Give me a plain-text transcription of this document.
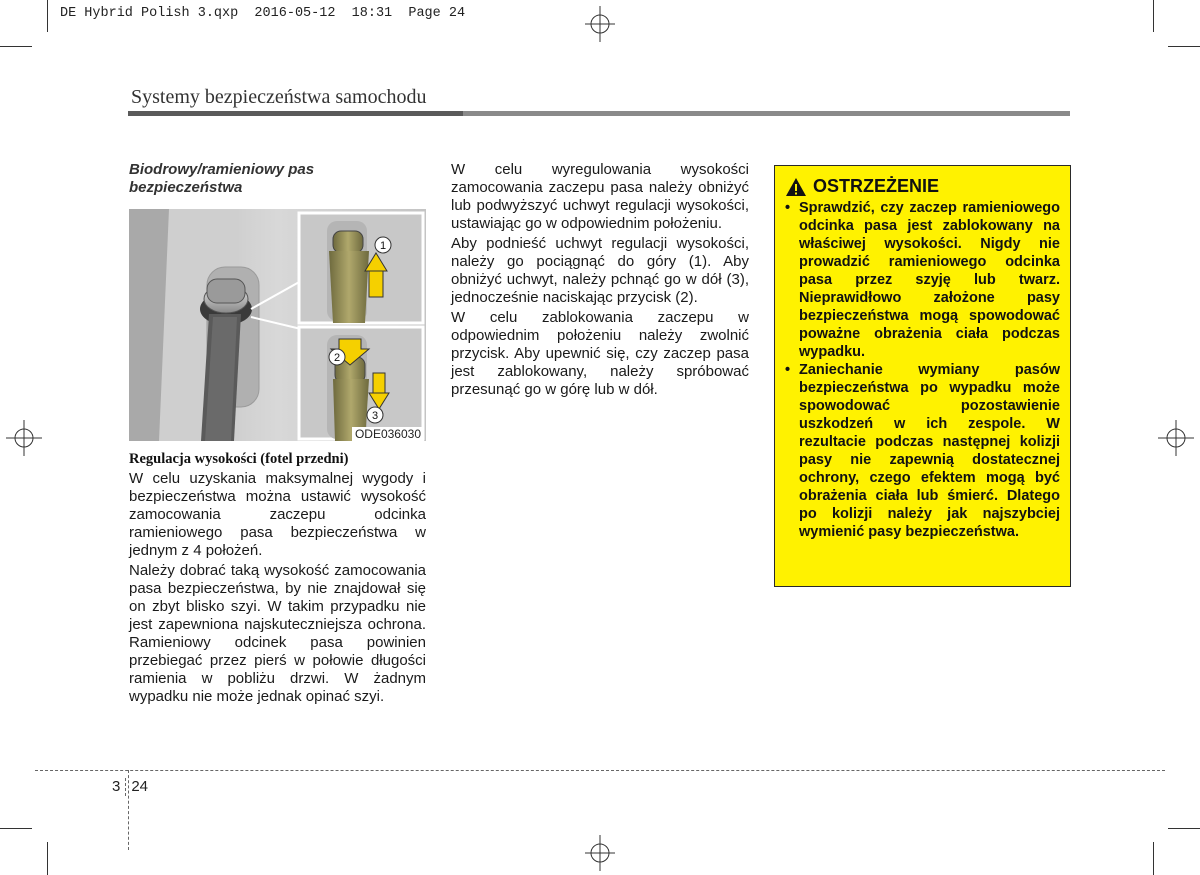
DE Hybrid Polish 3.qxp  2016-05-12  18:31  Page 24
Systemy bezpieczeństwa samochodu
Biodrowy/ramieniowy pas bezpieczeństwa
1
2
3
ODE036030
Regulacja wysokości (fotel przedni)

W celu uzyskania maksymalnej wygody i bezpieczeństwa można ustawić wysokość zamocowania zaczepu odcinka ramieniowego pasa bezpieczeństwa w jednym z 4 położeń.

Należy dobrać taką wysokość zamocowania pasa bezpieczeństwa, by nie znajdował się on zbyt blisko szyi. W takim przypadku nie jest zapewniona najskuteczniejsza ochrona. Ramieniowy odcinek pasa powinien przebiegać przez pierś w połowie długości ramienia w pobliżu drzwi. W żadnym wypadku nie może jednak opinać szyi.

W celu wyregulowania wysokości zamocowania zaczepu pasa należy obniżyć lub podwyższyć uchwyt regulacji wysokości, ustawiając go w odpowiednim położeniu.

Aby podnieść uchwyt regulacji wysokości, należy go pociągnąć do góry (1). Aby obniżyć uchwyt, należy pchnąć go w dół (3), jednocześnie naciskając przycisk (2).

W celu zablokowania zaczepu w odpowiednim położeniu należy zwolnić przycisk. Aby upewnić się, czy zaczep pasa jest zablokowany, należy spróbować przesunąć go w górę lub w dół.

OSTRZEŻENIE
• Sprawdzić, czy zaczep ramieniowego odcinka pasa jest zablokowany na właściwej wysokości. Nigdy nie prowadzić ramieniowego odcinka pasa przez szyję lub twarz. Nieprawidłowo założone pasy bezpieczeństwa mogą spowodować poważne obrażenia ciała podczas wypadku.
• Zaniechanie wymiany pasów bezpieczeństwa po wypadku może spowodować pozostawienie uszkodzeń w ich zespole. W rezultacie podczas następnej kolizji pasy nie zapewnią dostatecznej ochrony, czego efektem mogą być obrażenia ciała lub śmierć. Dlatego po kolizji należy jak najszybciej wymienić pasy bezpieczeństwa.
3 24
